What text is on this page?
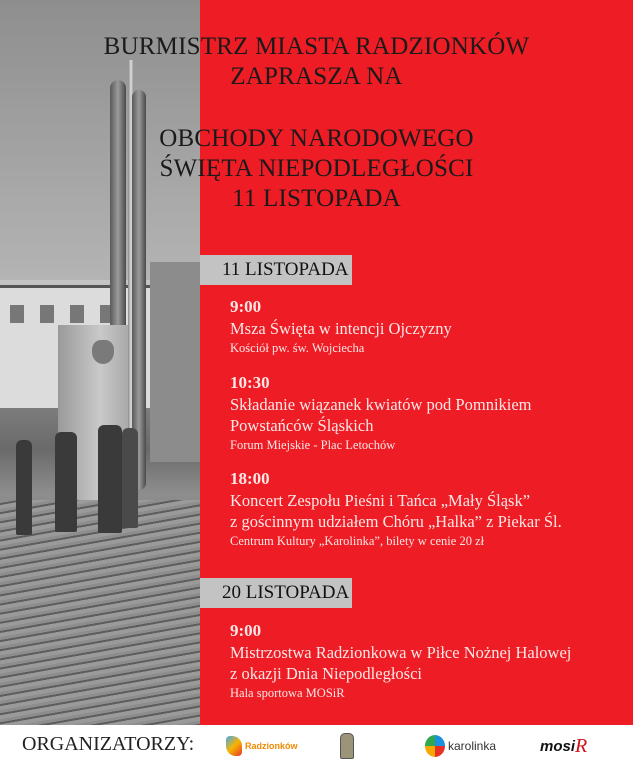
BURMISTRZ MIASTA RADZIONKÓW
ZAPRASZA NA
OBCHODY NARODOWEGO
ŚWIĘTA NIEPODLEGŁOŚCI
11 LISTOPADA
11 LISTOPADA
9:00
Msza Święta w intencji Ojczyzny
Kościół pw. św. Wojciecha
10:30
Składanie wiązanek kwiatów pod Pomnikiem
Powstańców Śląskich
Forum Miejskie - Plac Letochów
18:00
Koncert Zespołu Pieśni i Tańca „Mały Śląsk”
z gościnnym udziałem Chóru „Halka” z Piekar Śl.
Centrum Kultury „Karolinka”, bilety w cenie 20 zł
20 LISTOPADA
9:00
Mistrzostwa Radzionkowa w Piłce Nożnej Halowej
z okazji Dnia Niepodległości
Hala sportowa MOSiR
ORGANIZATORZY:	Radzionków	karolinka	mosi R
